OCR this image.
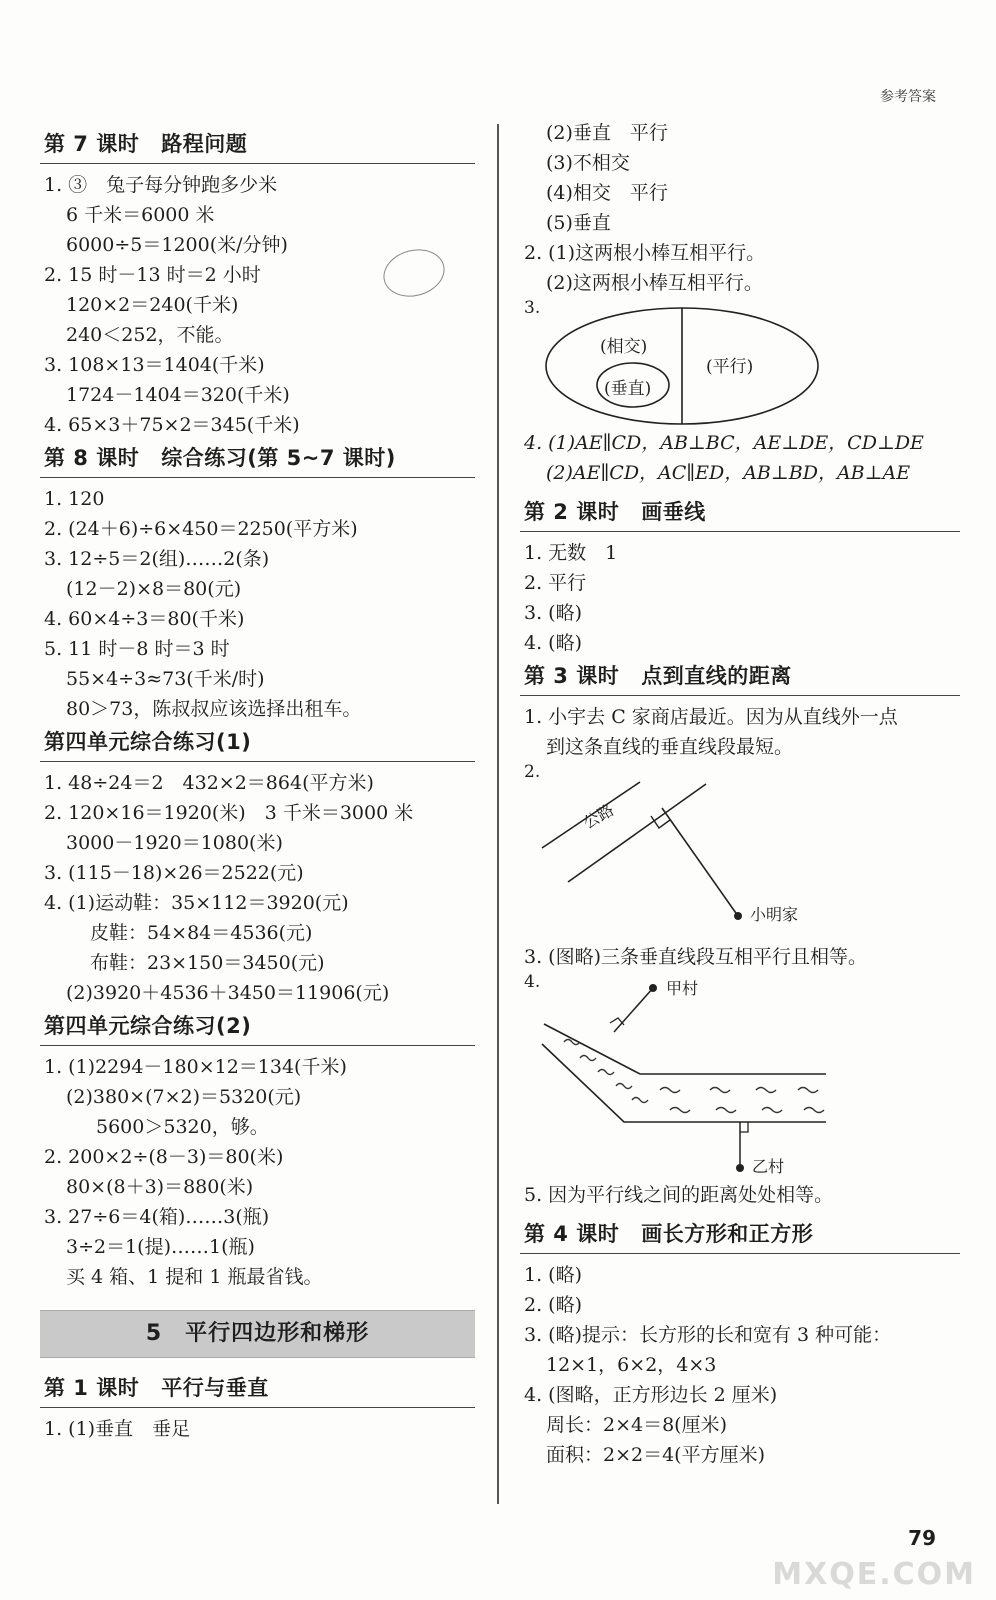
参考答案
第 7 课时 路程问题
1. ③　兔子每分钟跑多少米
6 千米＝6000 米
6000÷5＝1200(米/分钟)
2. 15 时－13 时＝2 小时
120×2＝240(千米)
240＜252，不能。
3. 108×13＝1404(千米)
1724－1404＝320(千米)
4. 65×3＋75×2＝345(千米)
第 8 课时 综合练习(第 5~7 课时)
1. 120
2. (24＋6)÷6×450＝2250(平方米)
3. 12÷5＝2(组)……2(条)
(12－2)×8＝80(元)
4. 60×4÷3＝80(千米)
5. 11 时－8 时＝3 时
55×4÷3≈73(千米/时)
80＞73，陈叔叔应该选择出租车。
第四单元综合练习(1)
1. 48÷24＝2　432×2＝864(平方米)
2. 120×16＝1920(米)　3 千米＝3000 米
3000－1920＝1080(米)
3. (115－18)×26＝2522(元)
4. (1)运动鞋：35×112＝3920(元)
皮鞋：54×84＝4536(元)
布鞋：23×150＝3450(元)
(2)3920＋4536＋3450＝11906(元)
第四单元综合练习(2)
1. (1)2294－180×12＝134(千米)
(2)380×(7×2)＝5320(元)
5600＞5320，够。
2. 200×2÷(8－3)＝80(米)
80×(8＋3)＝880(米)
3. 27÷6＝4(箱)……3(瓶)
3÷2＝1(提)……1(瓶)
买 4 箱、1 提和 1 瓶最省钱。
5　平行四边形和梯形
第 1 课时 平行与垂直
1. (1)垂直　垂足
(2)垂直　平行
(3)不相交
(4)相交　平行
(5)垂直
2. (1)这两根小棒互相平行。
(2)这两根小棒互相平行。
3.
(相交)
(垂直)
(平行)
4. (1)AE∥CD，AB⊥BC，AE⊥DE，CD⊥DE
(2)AE∥CD，AC∥ED，AB⊥BD，AB⊥AE
第 2 课时 画垂线
1. 无数　1
2. 平行
3. (略)
4. (略)
第 3 课时 点到直线的距离
1. 小宇去 C 家商店最近。因为从直线外一点
到这条直线的垂直线段最短。
2.
公路
小明家
3. (图略)三条垂直线段互相平行且相等。
4.	甲村
乙村
5. 因为平行线之间的距离处处相等。
第 4 课时 画长方形和正方形
1. (略)
2. (略)
3. (略)提示：长方形的长和宽有 3 种可能：
12×1，6×2，4×3
4. (图略，正方形边长 2 厘米)
周长：2×4＝8(厘米)
面积：2×2＝4(平方厘米)
79
MXQE.COM
